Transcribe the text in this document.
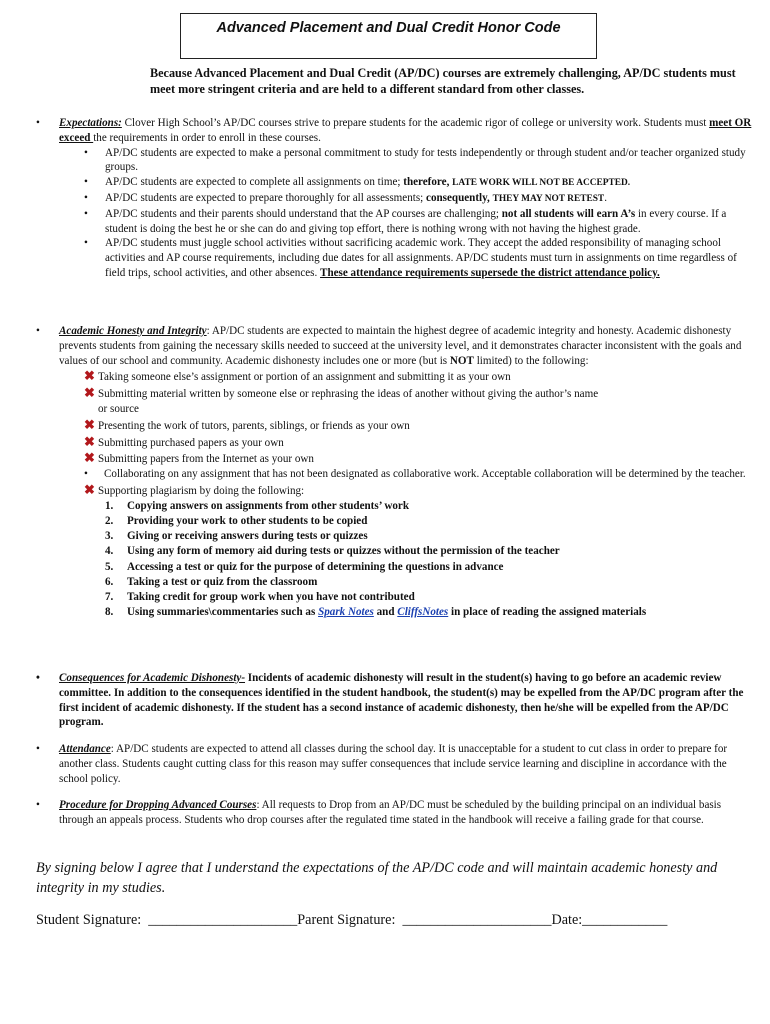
Advanced Placement and Dual Credit Honor Code
Because Advanced Placement and Dual Credit (AP/DC) courses are extremely challenging, AP/DC students must meet more stringent criteria and are held to a different standard from other classes.
•	Expectations: Clover High School’s AP/DC courses strive to prepare students for the academic rigor of college or university work. Students must meet OR exceed the requirements in order to enroll in these courses.
• AP/DC students are expected to make a personal commitment to study for tests independently or through student and/or teacher organized study groups.
• AP/DC students are expected to complete all assignments on time; therefore, LATE WORK WILL NOT BE ACCEPTED.
• AP/DC students are expected to prepare thoroughly for all assessments; consequently, THEY MAY NOT RETEST.
• AP/DC students and their parents should understand that the AP courses are challenging; not all students will earn A’s in every course. If a student is doing the best he or she can do and giving top effort, there is nothing wrong with not having the highest grade.
• AP/DC students must juggle school activities without sacrificing academic work. They accept the added responsibility of managing school activities and AP course requirements, including due dates for all assignments. AP/DC students must turn in assignments on time regardless of field trips, school activities, and other absences. These attendance requirements supersede the district attendance policy.
•	Academic Honesty and Integrity: AP/DC students are expected to maintain the highest degree of academic integrity and honesty. Academic dishonesty prevents students from gaining the necessary skills needed to succeed at the university level, and it demonstrates character inconsistent with the goals and values of our school and community. Academic dishonesty includes one or more (but is NOT limited) to the following:
✖ Taking someone else’s assignment or portion of an assignment and submitting it as your own
✖ Submitting material written by someone else or rephrasing the ideas of another without giving the author’s name or source
✖ Presenting the work of tutors, parents, siblings, or friends as your own
✖ Submitting purchased papers as your own
✖ Submitting papers from the Internet as your own
• Collaborating on any assignment that has not been designated as collaborative work. Acceptable collaboration will be determined by the teacher.
✖ Supporting plagiarism by doing the following:
1. Copying answers on assignments from other students’ work
2. Providing your work to other students to be copied
3. Giving or receiving answers during tests or quizzes
4. Using any form of memory aid during tests or quizzes without the permission of the teacher
5. Accessing a test or quiz for the purpose of determining the questions in advance
6. Taking a test or quiz from the classroom
7. Taking credit for group work when you have not contributed
8. Using summaries\commentaries such as Spark Notes and CliffsNotes in place of reading the assigned materials
•	Consequences for Academic Dishonesty- Incidents of academic dishonesty will result in the student(s) having to go before an academic review committee. In addition to the consequences identified in the student handbook, the student(s) may be expelled from the AP/DC program after the first incident of academic dishonesty. If the student has a second instance of academic dishonesty, then he/she will be expelled from the AP/DC program.
•	Attendance: AP/DC students are expected to attend all classes during the school day. It is unacceptable for a student to cut class in order to prepare for another class. Students caught cutting class for this reason may suffer consequences that include service learning and discipline in accordance with the school policy.
•	Procedure for Dropping Advanced Courses: All requests to Drop from an AP/DC must be scheduled by the building principal on an individual basis through an appeals process. Students who drop courses after the regulated time stated in the handbook will receive a failing grade for that course.
By signing below I agree that I understand the expectations of the AP/DC code and will maintain academic honesty and integrity in my studies.
Student Signature:  _____________________Parent Signature:  _____________________Date:____________
